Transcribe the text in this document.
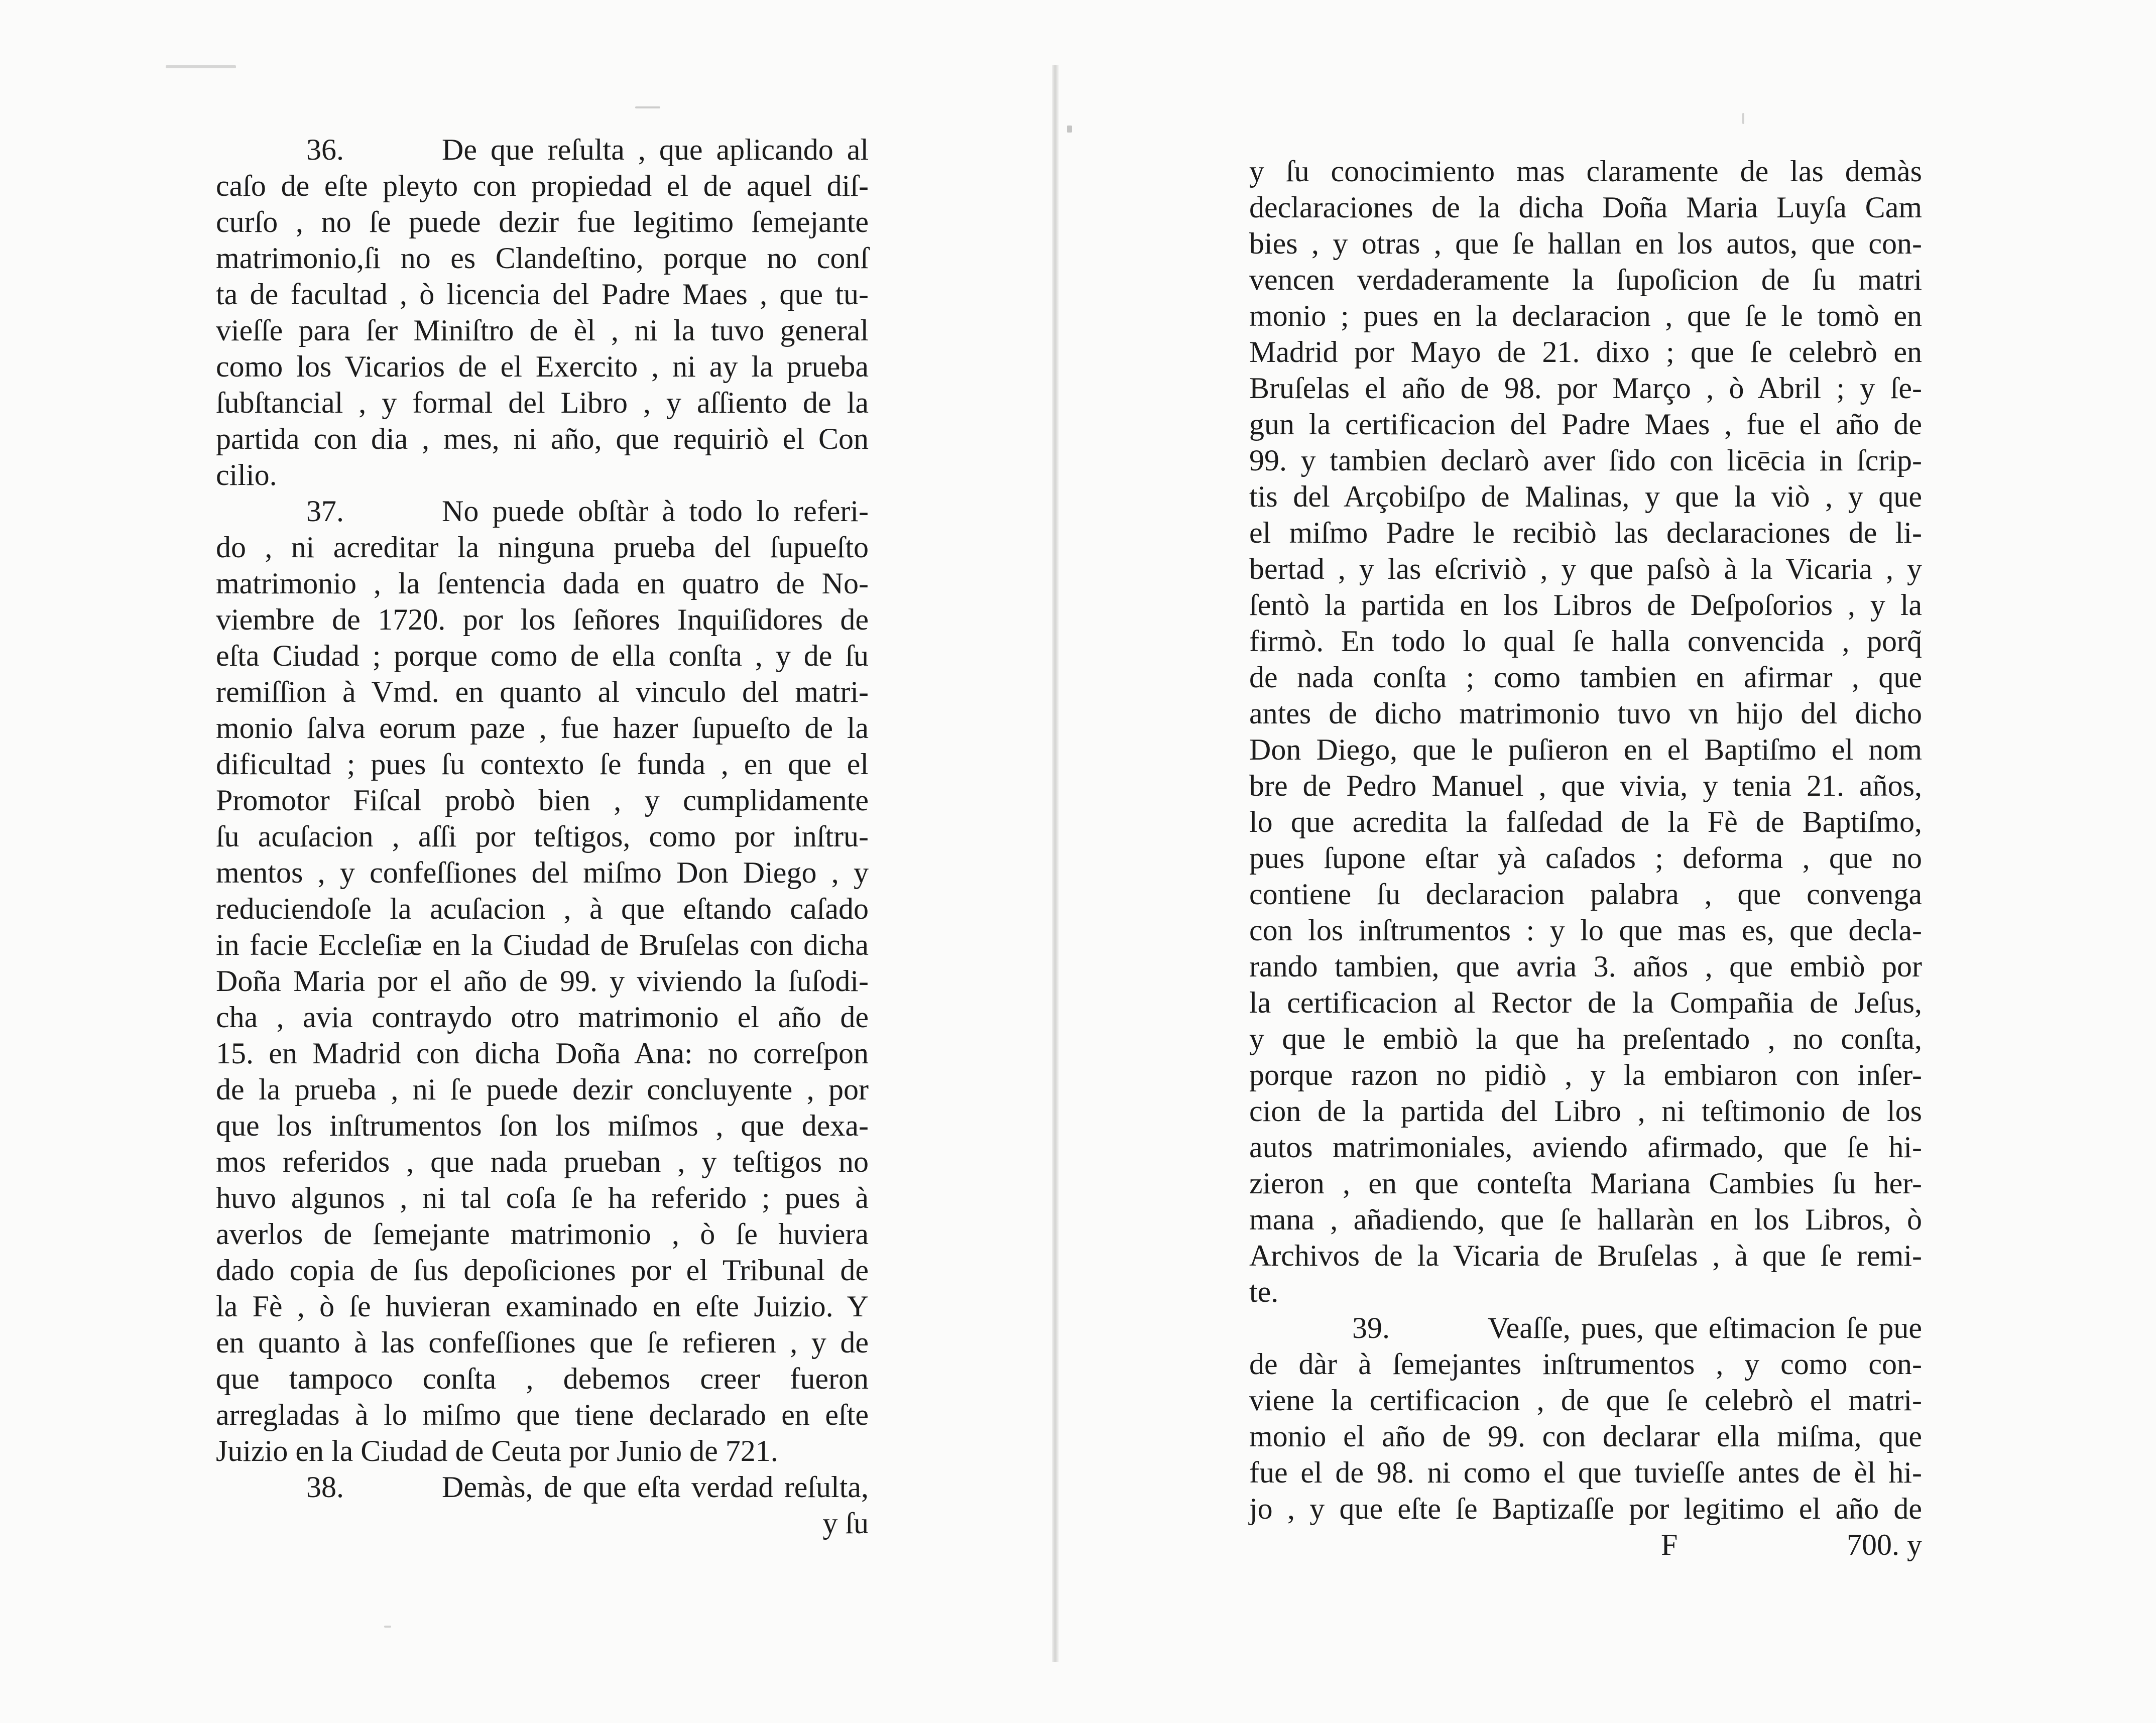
36.	De que reſulta , que aplicando al
caſo de eſte pleyto con propiedad el de aquel diſ-
curſo , no ſe puede dezir fue legitimo ſemejante
matrimonio,ſi no es Clandeſtino, porque no conſ
ta de facultad , ò licencia del Padre Maes , que tu-
vieſſe para ſer Miniſtro de èl , ni la tuvo general
como los Vicarios de el Exercito , ni ay la prueba
ſubſtancial , y formal del Libro , y aſſiento de la
partida con dia , mes, ni año, que requiriò el Con
cilio.
37.	No puede obſtàr à todo lo referi-
do , ni acreditar la ninguna prueba del ſupueſto
matrimonio , la ſentencia dada en quatro de No-
viembre de 1720. por los ſeñores Inquiſidores de
eſta Ciudad ; porque como de ella conſta , y de ſu
remiſſion à Vmd. en quanto al vinculo del matri-
monio ſalva eorum paze , fue hazer ſupueſto de la
dificultad ; pues ſu contexto ſe funda , en que el
Promotor Fiſcal probò bien , y cumplidamente
ſu acuſacion , aſſi por teſtigos, como por inſtru-
mentos , y confeſſiones del miſmo Don Diego , y
reduciendoſe la acuſacion , à que eſtando caſado
in facie Eccleſiæ en la Ciudad de Bruſelas con dicha
Doña Maria por el año de 99. y viviendo la ſuſodi-
cha , avia contraydo otro matrimonio el año de
15. en Madrid con dicha Doña Ana: no correſpon
de la prueba , ni ſe puede dezir concluyente , por
que los inſtrumentos ſon los miſmos , que dexa-
mos referidos , que nada prueban , y teſtigos no
huvo algunos , ni tal coſa ſe ha referido ; pues à
averlos de ſemejante matrimonio , ò ſe huviera
dado copia de ſus depoſiciones por el Tribunal de
la Fè , ò ſe huvieran examinado en eſte Juizio. Y
en quanto à las confeſſiones que ſe refieren , y de
que tampoco conſta , debemos creer fueron
arregladas à lo miſmo que tiene declarado en eſte
Juizio en la Ciudad de Ceuta por Junio de 721.
38.	Demàs, de que eſta verdad reſulta,
y ſu

y ſu conocimiento mas claramente de las demàs
declaraciones de la dicha Doña Maria Luyſa Cam
bies , y otras , que ſe hallan en los autos, que con-
vencen verdaderamente la ſupoſicion de ſu matri
monio ; pues en la declaracion , que ſe le tomò en
Madrid por Mayo de 21. dixo ; que ſe celebrò en
Bruſelas el año de 98. por Março , ò Abril ; y ſe-
gun la certificacion del Padre Maes , fue el año de
99. y tambien declarò aver ſido con licēcia in ſcrip-
tis del Arçobiſpo de Malinas, y que la viò , y que
el miſmo Padre le recibiò las declaraciones de li-
bertad , y las eſcriviò , y que paſsò à la Vicaria , y
ſentò la partida en los Libros de Deſpoſorios , y la
firmò. En todo lo qual ſe halla convencida , porq̃
de nada conſta ; como tambien en afirmar , que
antes de dicho matrimonio tuvo vn hijo del dicho
Don Diego, que le puſieron en el Baptiſmo el nom
bre de Pedro Manuel , que vivia, y tenia 21. años,
lo que acredita la falſedad de la Fè de Baptiſmo,
pues ſupone eſtar yà caſados ; deforma , que no
contiene ſu declaracion palabra , que convenga
con los inſtrumentos : y lo que mas es, que decla-
rando tambien, que avria 3. años , que embiò por
la certificacion al Rector de la Compañia de Jeſus,
y que le embiò la que ha preſentado , no conſta,
porque razon no pidiò , y la embiaron con inſer-
cion de la partida del Libro , ni teſtimonio de los
autos matrimoniales, aviendo afirmado, que ſe hi-
zieron , en que conteſta Mariana Cambies ſu her-
mana , añadiendo, que ſe hallaràn en los Libros, ò
Archivos de la Vicaria de Bruſelas , à que ſe remi-
te.
39.	Veaſſe, pues, que eſtimacion ſe pue
de dàr à ſemejantes inſtrumentos , y como con-
viene la certificacion , de que ſe celebrò el matri-
monio el año de 99. con declarar ella miſma, que
fue el de 98. ni como el que tuvieſſe antes de èl hi-
jo , y que eſte ſe Baptizaſſe por legitimo el año de
F	700. y
